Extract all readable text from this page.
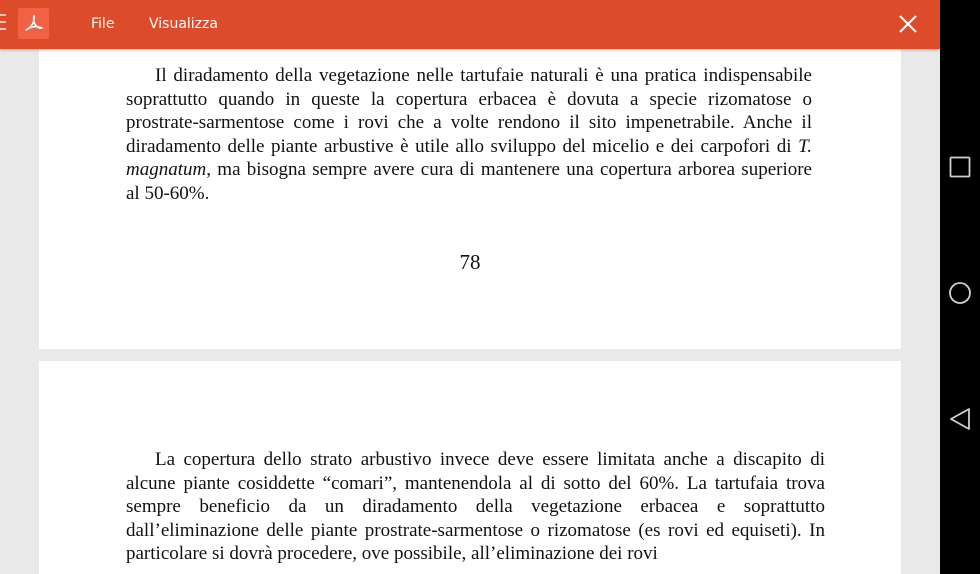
File Visualizza

Il diradamento della vegetazione nelle tartufaie naturali è una pratica indispensabile soprattutto quando in queste la copertura erbacea è dovuta a specie rizomatose o prostrate-sarmentose come i rovi che a volte rendono il sito impenetrabile. Anche il diradamento delle piante arbustive è utile allo sviluppo del micelio e dei carpofori di T. magnatum, ma bisogna sempre avere cura di mantenere una copertura arborea superiore al 50-60%.

78

La copertura dello strato arbustivo invece deve essere limitata anche a discapito di alcune piante cosiddette “comari”, mantenendola al di sotto del 60%. La tartufaia trova sempre beneficio da un diradamento della vegetazione erbacea e soprattutto dall’eliminazione delle piante prostrate-sarmentose o rizomatose (es rovi ed equiseti). In particolare si dovrà procedere, ove possibile, all’eliminazione dei rovi
